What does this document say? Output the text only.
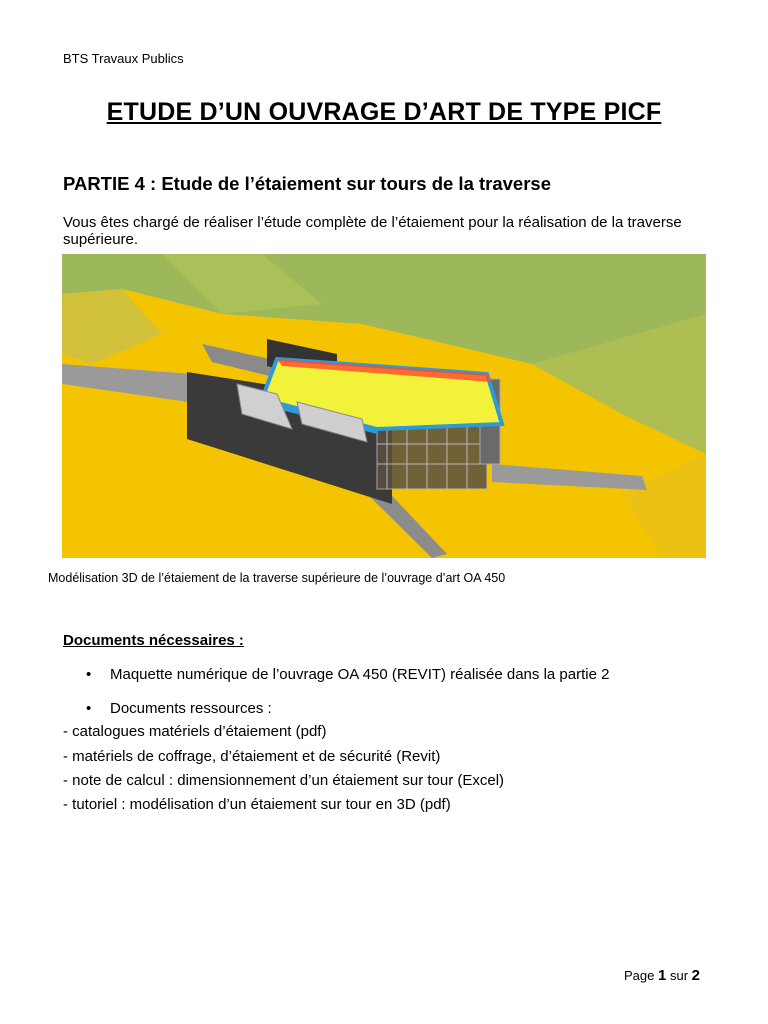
BTS Travaux Publics
ETUDE D’UN OUVRAGE D’ART DE TYPE PICF
PARTIE 4 : Etude de l’étaiement sur tours de la traverse
Vous êtes chargé de réaliser l’étude complète de l’étaiement pour la réalisation de la traverse supérieure.
Modélisation 3D de l’étaiement de la traverse supérieure de l’ouvrage d’art OA 450
Documents nécessaires :
• Maquette numérique de l’ouvrage OA 450 (REVIT) réalisée dans la partie 2
• Documents ressources :
- catalogues matériels d’étaiement (pdf)
- matériels de coffrage, d’étaiement et de sécurité (Revit)
- note de calcul : dimensionnement d’un étaiement sur tour (Excel)
- tutoriel : modélisation d’un étaiement sur tour en 3D (pdf)
Page 1 sur 2
